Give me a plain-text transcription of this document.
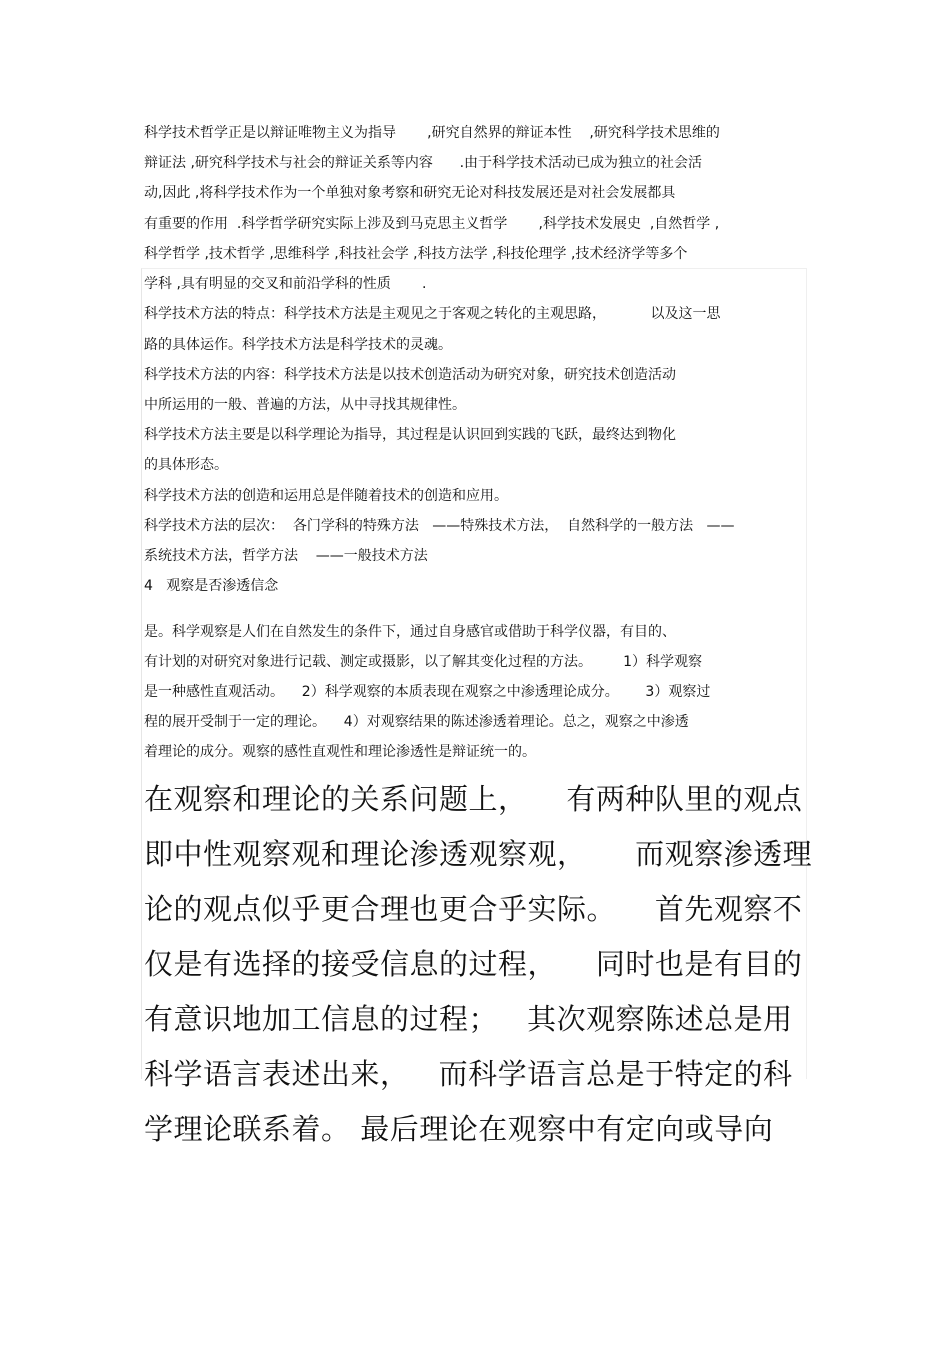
科学技术哲学正是以辩证唯物主义为指导       ,研究自然界的辩证本性    ,研究科学技术思维的
辩证法 ,研究科学技术与社会的辩证关系等内容      .由于科学技术活动已成为独立的社会活
动,因此 ,将科学技术作为一个单独对象考察和研究无论对科技发展还是对社会发展都具
有重要的作用  .科学哲学研究实际上涉及到马克思主义哲学       ,科学技术发展史  ,自然哲学 ,
科学哲学 ,技术哲学 ,思维科学 ,科技社会学 ,科技方法学 ,科技伦理学 ,技术经济学等多个
学科 ,具有明显的交叉和前沿学科的性质       .
科学技术方法的特点：科学技术方法是主观见之于客观之转化的主观思路，          以及这一思
路的具体运作。科学技术方法是科学技术的灵魂。
科学技术方法的内容：科学技术方法是以技术创造活动为研究对象，研究技术创造活动
中所运用的一般、普遍的方法，从中寻找其规律性。
科学技术方法主要是以科学理论为指导，其过程是认识回到实践的飞跃，最终达到物化
的具体形态。
科学技术方法的创造和运用总是伴随着技术的创造和应用。
科学技术方法的层次：  各门学科的特殊方法   ——特殊技术方法，  自然科学的一般方法   ——
系统技术方法，哲学方法    ——一般技术方法
4   观察是否渗透信念
是。科学观察是人们在自然发生的条件下，通过自身感官或借助于科学仪器，有目的、
有计划的对研究对象进行记载、测定或摄影，以了解其变化过程的方法。       1）科学观察
是一种感性直观活动。    2）科学观察的本质表现在观察之中渗透理论成分。      3）观察过
程的展开受制于一定的理论。    4）对观察结果的陈述渗透着理论。总之，观察之中渗透
着理论的成分。观察的感性直观性和理论渗透性是辩证统一的。
在观察和理论的关系问题上，    有两种队里的观点
即中性观察观和理论渗透观察观，     而观察渗透理
论的观点似乎更合理也更合乎实际。    首先观察不
仅是有选择的接受信息的过程，    同时也是有目的
有意识地加工信息的过程；   其次观察陈述总是用
科学语言表述出来，   而科学语言总是于特定的科
学理论联系着。 最后理论在观察中有定向或导向
